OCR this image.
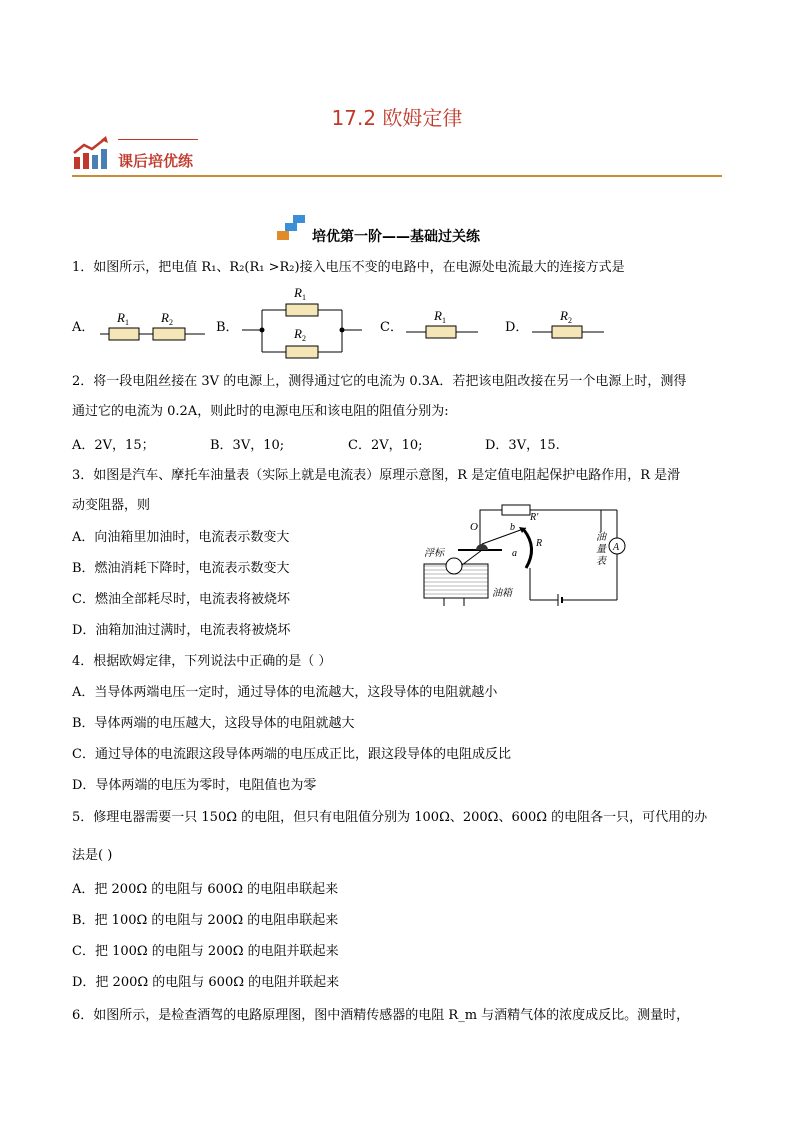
17.2 欧姆定律
课后培优练
培优第一阶——基础过关练
1．如图所示，把电值 R₁、R₂(R₁ >R₂)接入电压不变的电路中，在电源处电流最大的连接方式是
A．
$R_1$ $R_2$	B．
$R_1$
$R_2$
C．
$R_1$	D．
$R_2$
2．将一段电阻丝接在 3V 的电源上，测得通过它的电流为 0.3A．若把该电阻改接在另一个电源上时，测得
通过它的电流为 0.2A，则此时的电源电压和该电阻的阻值分别为:
A．2V，15；	B．3V，10;	C．2V，10;	D．3V，15.
3．如图是汽车、摩托车油量表（实际上就是电流表）原理示意图，R 是定值电阻起保护电路作用，R 是滑
动变阻器，则
A．向油箱里加油时，电流表示数变大
B．燃油消耗下降时，电流表示数变大
C．燃油全部耗尽时，电流表将被烧坏
D．油箱加油过满时，电流表将被烧坏
R'
A
油
量
表
O	b
a
R
浮标
油箱
4．根据欧姆定律，下列说法中正确的是（ ）
A．当导体两端电压一定时，通过导体的电流越大，这段导体的电阻就越小
B．导体两端的电压越大，这段导体的电阻就越大
C．通过导体的电流跟这段导体两端的电压成正比，跟这段导体的电阻成反比
D．导体两端的电压为零时，电阻值也为零
5．修理电器需要一只 150Ω 的电阻，但只有电阻值分别为 100Ω、200Ω、600Ω 的电阻各一只，可代用的办
法是( )
A．把 200Ω 的电阻与 600Ω 的电阻串联起来
B．把 100Ω 的电阻与 200Ω 的电阻串联起来
C．把 100Ω 的电阻与 200Ω 的电阻并联起来
D．把 200Ω 的电阻与 600Ω 的电阻并联起来
6．如图所示，是检查酒驾的电路原理图，图中酒精传感器的电阻 R_m 与酒精气体的浓度成反比。测量时，
